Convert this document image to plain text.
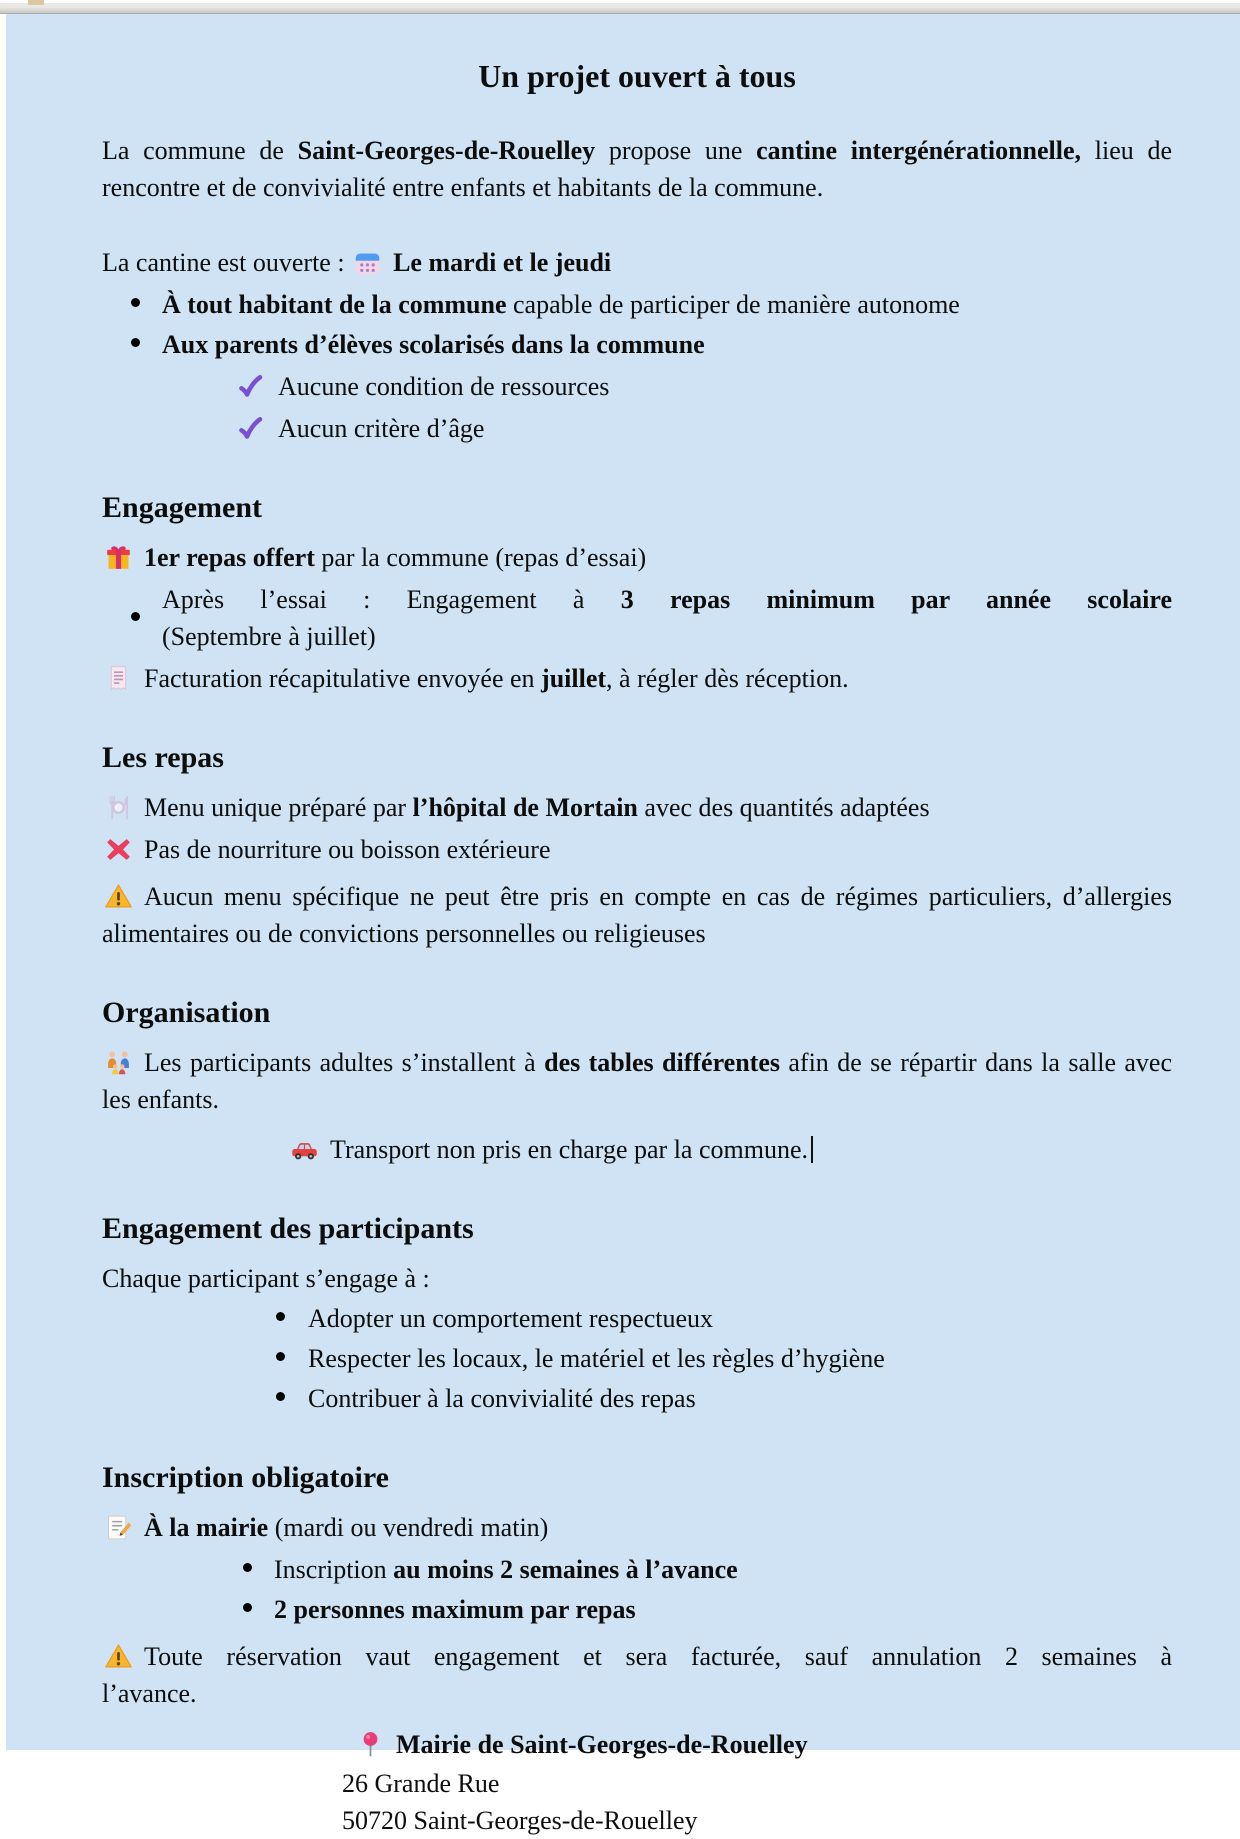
Un projet ouvert à tous

La commune de Saint-Georges-de-Rouelley propose une cantine intergénérationnelle, lieu de rencontre et de convivialité entre enfants et habitants de la commune.

La cantine est ouverte : Le mardi et le jeudi
À tout habitant de la commune capable de participer de manière autonome
Aux parents d’élèves scolarisés dans la commune
Aucune condition de ressources
Aucun critère d’âge
Engagement
1er repas offert par la commune (repas d’essai)
Après l’essai : Engagement à 3 repas minimum par année scolaire
(Septembre à juillet)
Facturation récapitulative envoyée en juillet, à régler dès réception.
Les repas
Menu unique préparé par l’hôpital de Mortain avec des quantités adaptées
Pas de nourriture ou boisson extérieure
Aucun menu spécifique ne peut être pris en compte en cas de régimes particuliers, d’allergies alimentaires ou de convictions personnelles ou religieuses
Organisation
Les participants adultes s’installent à des tables différentes afin de se répartir dans la salle avec les enfants.
Transport non pris en charge par la commune.
Engagement des participants
Chaque participant s’engage à :
Adopter un comportement respectueux
Respecter les locaux, le matériel et les règles d’hygiène
Contribuer à la convivialité des repas
Inscription obligatoire
À la mairie (mardi ou vendredi matin)
Inscription au moins 2 semaines à l’avance
2 personnes maximum par repas
Toute réservation vaut engagement et sera facturée, sauf annulation 2 semaines à
l’avance.
Mairie de Saint-Georges-de-Rouelley
26 Grande Rue
50720 Saint-Georges-de-Rouelley
